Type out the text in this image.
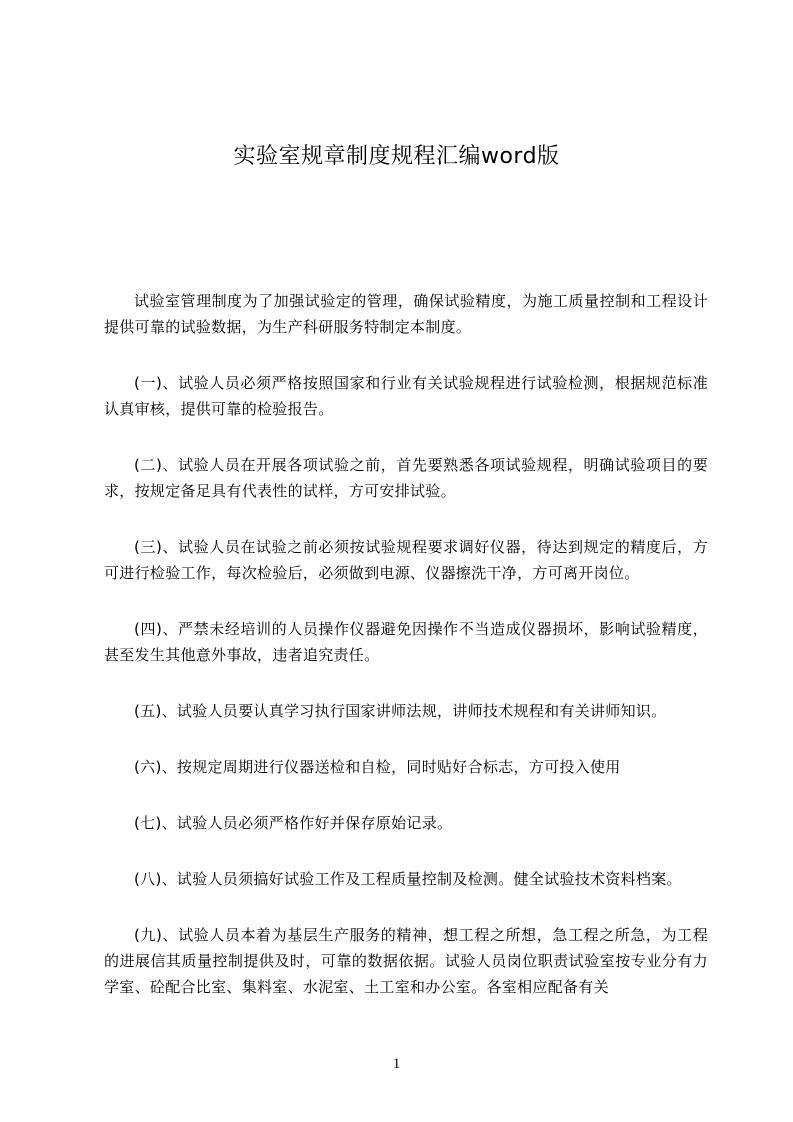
实验室规章制度规程汇编word版

试验室管理制度为了加强试验定的管理，确保试验精度，为施工质量控制和工程设计提供可靠的试验数据，为生产科研服务特制定本制度。

(一)、试验人员必须严格按照国家和行业有关试验规程进行试验检测，根据规范标准认真审核，提供可靠的检验报告。

(二)、试验人员在开展各项试验之前，首先要熟悉各项试验规程，明确试验项目的要求，按规定备足具有代表性的试样，方可安排试验。

(三)、试验人员在试验之前必须按试验规程要求调好仪器，待达到规定的精度后，方可进行检验工作，每次检验后，必须做到电源、仪器擦洗干净，方可离开岗位。

(四)、严禁未经培训的人员操作仪器避免因操作不当造成仪器损坏，影响试验精度，甚至发生其他意外事故，违者追究责任。

(五)、试验人员要认真学习执行国家讲师法规，讲师技术规程和有关讲师知识。

(六)、按规定周期进行仪器送检和自检，同时贴好合标志，方可投入使用

(七)、试验人员必须严格作好并保存原始记录。

(八)、试验人员须搞好试验工作及工程质量控制及检测。健全试验技术资料档案。

(九)、试验人员本着为基层生产服务的精神，想工程之所想，急工程之所急，为工程的进展信其质量控制提供及时，可靠的数据依据。试验人员岗位职责试验室按专业分有力学室、砼配合比室、集料室、水泥室、土工室和办公室。各室相应配备有关

1
